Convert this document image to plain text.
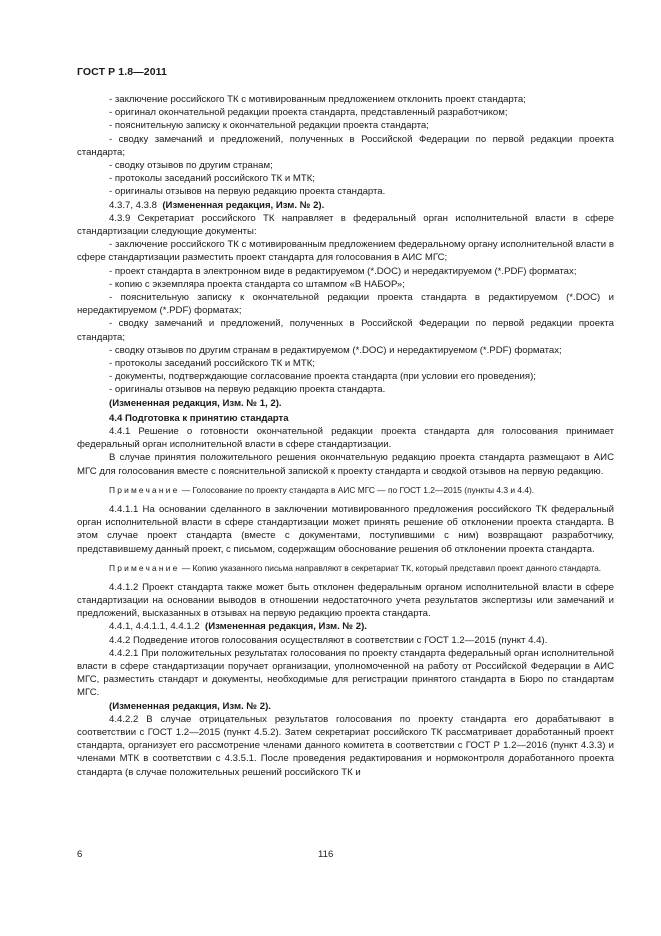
ГОСТ Р 1.8—2011

- заключение российского ТК с мотивированным предложением отклонить проект стандарта;

- оригинал окончательной редакции проекта стандарта, представленный разработчиком;

- пояснительную записку к окончательной редакции проекта стандарта;

- сводку замечаний и предложений, полученных в Российской Федерации по первой редакции проекта стандарта;

- сводку отзывов по другим странам;

- протоколы заседаний российского ТК и МТК;

- оригиналы отзывов на первую редакцию проекта стандарта.

4.3.7, 4.3.8 (Измененная редакция, Изм. № 2).

4.3.9 Секретариат российского ТК направляет в федеральный орган исполнительной власти в сфере стандартизации следующие документы:

- заключение российского ТК с мотивированным предложением федеральному органу исполнительной власти в сфере стандартизации разместить проект стандарта для голосования в АИС МГС;

- проект стандарта в электронном виде в редактируемом (*.DOC) и нередактируемом (*.PDF) форматах;

- копию с экземпляра проекта стандарта со штампом «В НАБОР»;

- пояснительную записку к окончательной редакции проекта стандарта в редактируемом (*.DOC) и нередактируемом (*.PDF) форматах;

- сводку замечаний и предложений, полученных в Российской Федерации по первой редакции проекта стандарта;

- сводку отзывов по другим странам в редактируемом (*.DOC) и нередактируемом (*.PDF) форматах;

- протоколы заседаний российского ТК и МТК;

- документы, подтверждающие согласование проекта стандарта (при условии его проведения);

- оригиналы отзывов на первую редакцию проекта стандарта.

(Измененная редакция, Изм. № 1, 2).

4.4 Подготовка к принятию стандарта

4.4.1 Решение о готовности окончательной редакции проекта стандарта для голосования принимает федеральный орган исполнительной власти в сфере стандартизации.

В случае принятия положительного решения окончательную редакцию проекта стандарта размещают в АИС МГС для голосования вместе с пояснительной запиской к проекту стандарта и сводкой отзывов на первую редакцию.

Примечание — Голосование по проекту стандарта в АИС МГС — по ГОСТ 1.2—2015 (пункты 4.3 и 4.4).

4.4.1.1 На основании сделанного в заключении мотивированного предложения российского ТК федеральный орган исполнительной власти в сфере стандартизации может принять решение об отклонении проекта стандарта. В этом случае проект стандарта (вместе с документами, поступившими с ним) возвращают разработчику, представившему данный проект, с письмом, содержащим обоснование решения об отклонении проекта стандарта.

Примечание — Копию указанного письма направляют в секретариат ТК, который представил проект данного стандарта.

4.4.1.2 Проект стандарта также может быть отклонен федеральным органом исполнительной власти в сфере стандартизации на основании выводов в отношении недостаточного учета результатов экспертизы или замечаний и предложений, высказанных в отзывах на первую редакцию проекта стандарта.

4.4.1, 4.4.1.1, 4.4.1.2 (Измененная редакция, Изм. № 2).

4.4.2 Подведение итогов голосования осуществляют в соответствии с ГОСТ 1.2—2015 (пункт 4.4).

4.4.2.1 При положительных результатах голосования по проекту стандарта федеральный орган исполнительной власти в сфере стандартизации поручает организации, уполномоченной на работу от Российской Федерации в АИС МГС, разместить стандарт и документы, необходимые для регистрации принятого стандарта в Бюро по стандартам МГС.

(Измененная редакция, Изм. № 2).

4.4.2.2 В случае отрицательных результатов голосования по проекту стандарта его дорабатывают в соответствии с ГОСТ 1.2—2015 (пункт 4.5.2). Затем секретариат российского ТК рассматривает доработанный проект стандарта, организует его рассмотрение членами данного комитета в соответствии с ГОСТ Р 1.2—2016 (пункт 4.3.3) и членами МТК в соответствии с 4.3.5.1. После проведения редактирования и нормоконтроля доработанного проекта стандарта (в случае положительных решений российского ТК и

6	116
